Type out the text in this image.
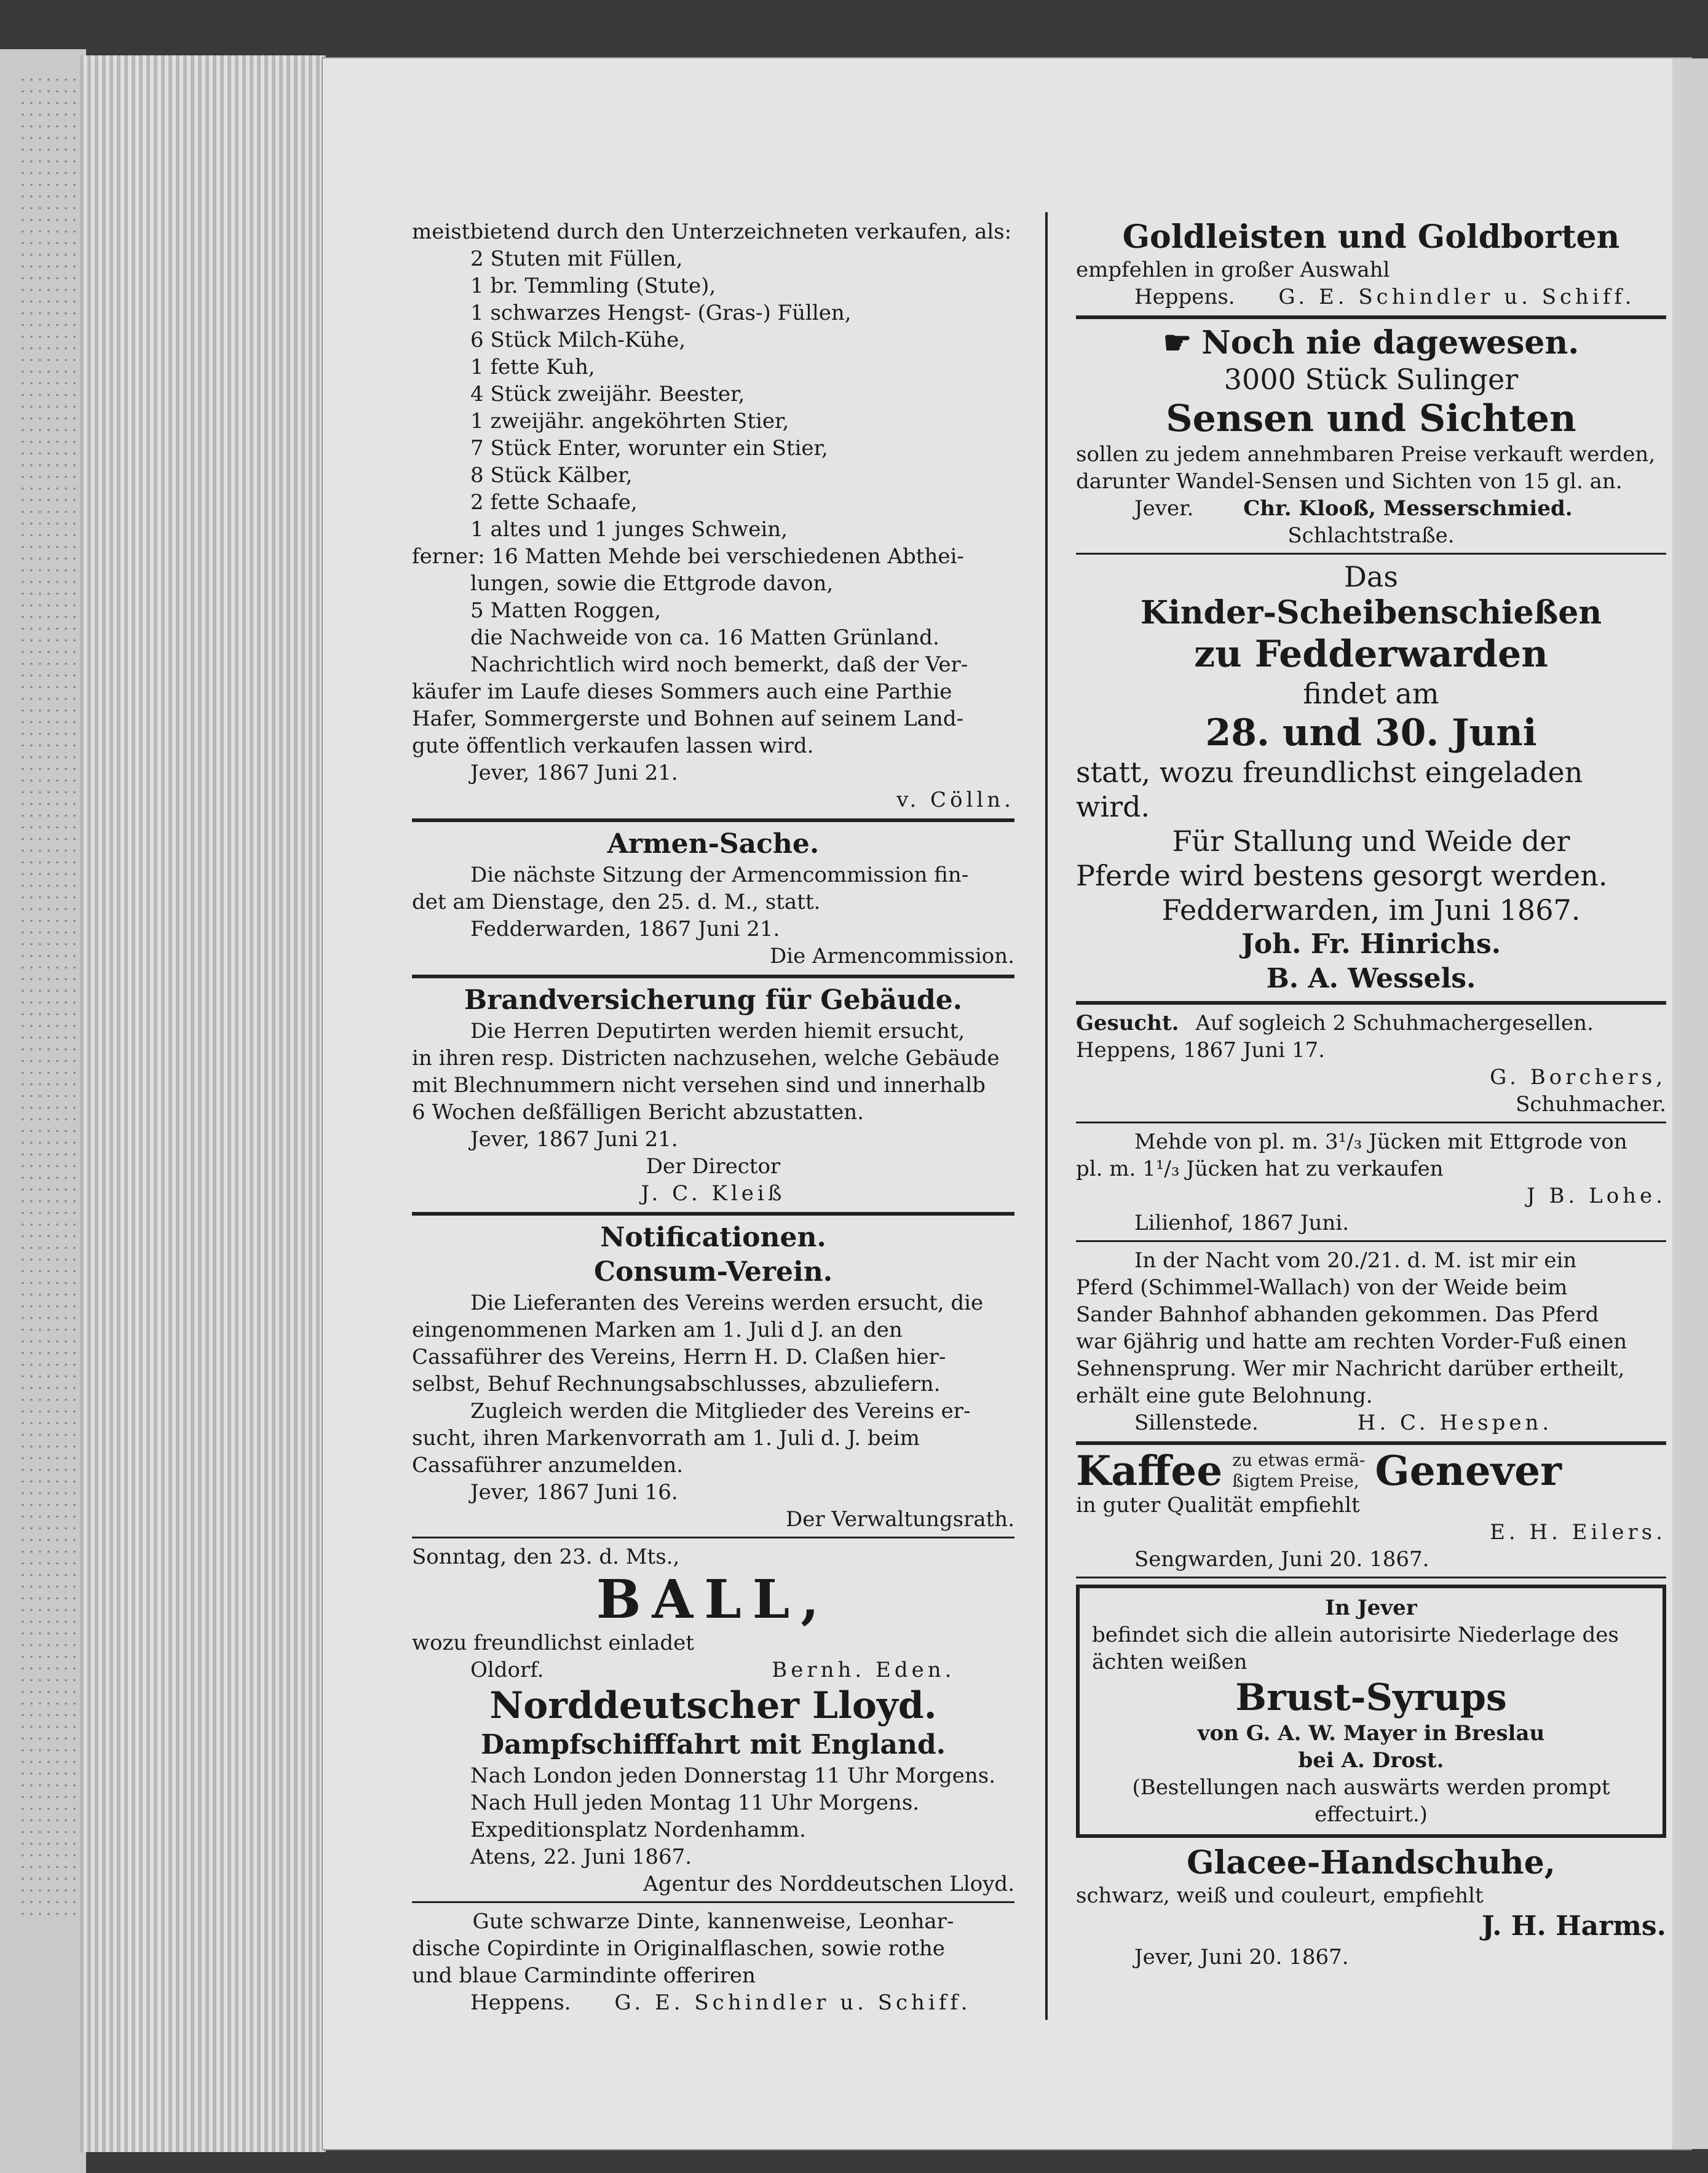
meistbietend durch den Unterzeichneten verkaufen, als:
2 Stuten mit Füllen,
1 br. Temmling (Stute),
1 schwarzes Hengst- (Gras-) Füllen,
6 Stück Milch-Kühe,
1 fette Kuh,
4 Stück zweijähr. Beester,
1 zweijähr. angeköhrten Stier,
7 Stück Enter, worunter ein Stier,
8 Stück Kälber,
2 fette Schaafe,
1 altes und 1 junges Schwein,
ferner: 16 Matten Mehde bei verschiedenen Abthei-
lungen, sowie die Ettgrode davon,
5 Matten Roggen,
die Nachweide von ca. 16 Matten Grünland.
Nachrichtlich wird noch bemerkt, daß der Ver-
käufer im Laufe dieses Sommers auch eine Parthie
Hafer, Sommergerste und Bohnen auf seinem Land-
gute öffentlich verkaufen lassen wird.
Jever, 1867 Juni 21.
v. Cölln.
Armen-Sache.
Die nächste Sitzung der Armencommission fin-
det am Dienstage, den 25. d. M., statt.
Fedderwarden, 1867 Juni 21.
Die Armencommission.
Brandversicherung für Gebäude.
Die Herren Deputirten werden hiemit ersucht,
in ihren resp. Districten nachzusehen, welche Gebäude
mit Blechnummern nicht versehen sind und innerhalb
6 Wochen deßfälligen Bericht abzustatten.
Jever, 1867 Juni 21.
Der Director
J. C. Kleiß
Notificationen.
Consum-Verein.
Die Lieferanten des Vereins werden ersucht, die
eingenommenen Marken am 1. Juli d J. an den
Cassaführer des Vereins, Herrn H. D. Claßen hier-
selbst, Behuf Rechnungsabschlusses, abzuliefern.
Zugleich werden die Mitglieder des Vereins er-
sucht, ihren Markenvorrath am 1. Juli d. J. beim
Cassaführer anzumelden.
Jever, 1867 Juni 16.
Der Verwaltungsrath.
Sonntag, den 23. d. Mts.,
BALL,
wozu freundlichst einladet
Oldorf.	Bernh. Eden.
Norddeutscher Lloyd.
Dampfschifffahrt mit England.
Nach London jeden Donnerstag 11 Uhr Morgens.
Nach Hull jeden Montag 11 Uhr Morgens.
Expeditionsplatz Nordenhamm.
Atens, 22. Juni 1867.
Agentur des Norddeutschen Lloyd.
Gute schwarze Dinte, kannenweise, Leonhar-
dische Copirdinte in Originalflaschen, sowie rothe
und blaue Carmindinte offeriren
Heppens. G. E. Schindler u. Schiff.
Goldleisten und Goldborten
empfehlen in großer Auswahl
Heppens. G. E. Schindler u. Schiff.
☛ Noch nie dagewesen.
3000 Stück Sulinger
Sensen und Sichten
sollen zu jedem annehmbaren Preise verkauft werden,
darunter Wandel-Sensen und Sichten von 15 gl. an.
Jever. Chr. Klooß, Messerschmied.
Schlachtstraße.
Das
Kinder-Scheibenschießen
zu Fedderwarden
findet am
28. und 30. Juni
statt, wozu freundlichst eingeladen
wird.
Für Stallung und Weide der
Pferde wird bestens gesorgt werden.
Fedderwarden, im Juni 1867.
Joh. Fr. Hinrichs.
B. A. Wessels.
Gesucht. Auf sogleich 2 Schuhmachergesellen.
Heppens, 1867 Juni 17.
G. Borchers,
Schuhmacher.
Mehde von pl. m. 3¹/₃ Jücken mit Ettgrode von
pl. m. 1¹/₃ Jücken hat zu verkaufen
J B. Lohe.
Lilienhof, 1867 Juni.
In der Nacht vom 20./21. d. M. ist mir ein
Pferd (Schimmel-Wallach) von der Weide beim
Sander Bahnhof abhanden gekommen. Das Pferd
war 6jährig und hatte am rechten Vorder-Fuß einen
Sehnensprung. Wer mir Nachricht darüber ertheilt,
erhält eine gute Belohnung.
Sillenstede.	H. C. Hespen.
Kaffee zu etwas ermä-
ßigtem Preise, Genever
in guter Qualität empfiehlt
E. H. Eilers.
Sengwarden, Juni 20. 1867.
In Jever
befindet sich die allein autorisirte Niederlage des
ächten weißen
Brust-Syrups
von G. A. W. Mayer in Breslau
bei A. Drost.
(Bestellungen nach auswärts werden prompt
effectuirt.)
Glacee-Handschuhe,
schwarz, weiß und couleurt, empfiehlt
J. H. Harms.
Jever, Juni 20. 1867.
